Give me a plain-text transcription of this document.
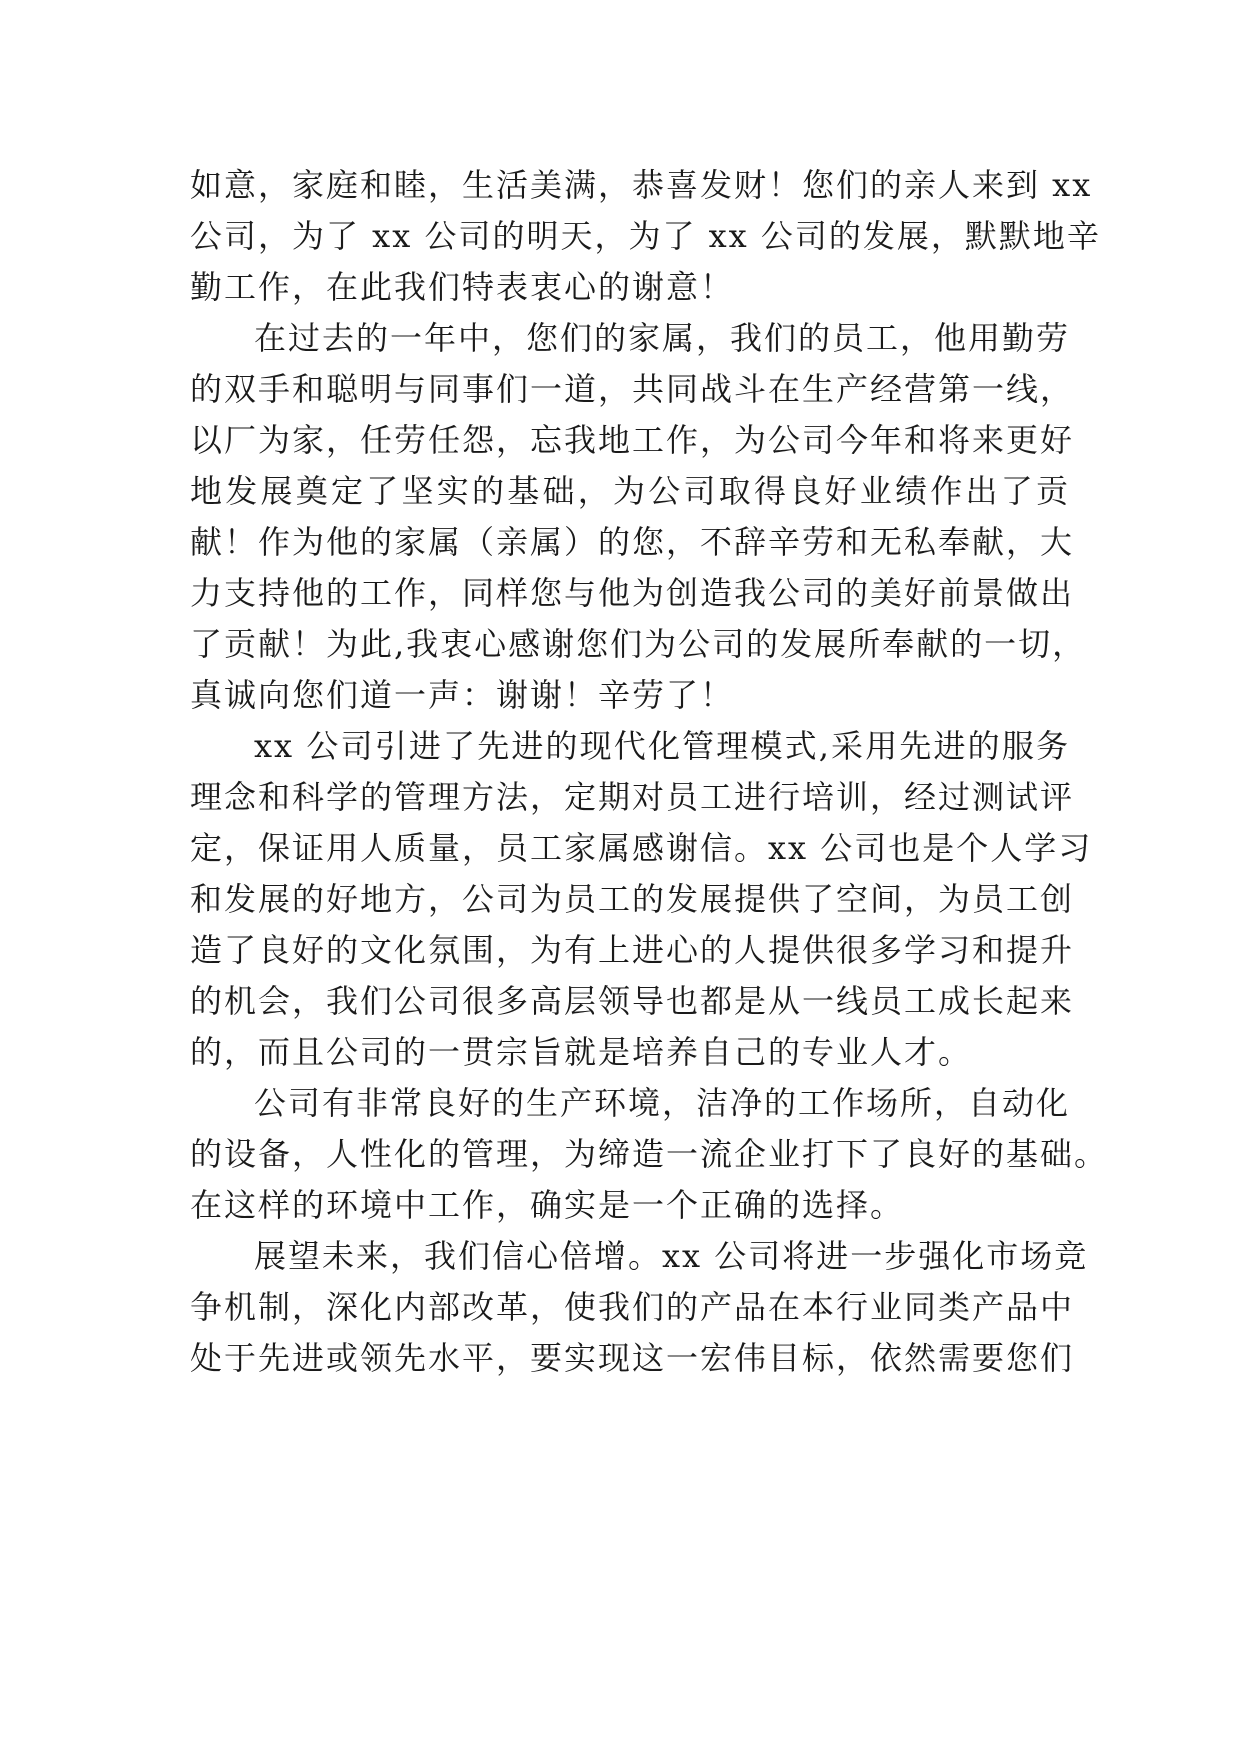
如意，家庭和睦，生活美满，恭喜发财！您们的亲人来到 xx
公司，为了 xx 公司的明天，为了 xx 公司的发展，默默地辛
勤工作，在此我们特表衷心的谢意！
在过去的一年中，您们的家属，我们的员工，他用勤劳
的双手和聪明与同事们一道，共同战斗在生产经营第一线，
以厂为家，任劳任怨，忘我地工作，为公司今年和将来更好
地发展奠定了坚实的基础，为公司取得良好业绩作出了贡
献！作为他的家属（亲属）的您，不辞辛劳和无私奉献，大
力支持他的工作，同样您与他为创造我公司的美好前景做出
了贡献！为此,我衷心感谢您们为公司的发展所奉献的一切，
真诚向您们道一声：谢谢！辛劳了！
xx 公司引进了先进的现代化管理模式,采用先进的服务
理念和科学的管理方法，定期对员工进行培训，经过测试评
定，保证用人质量，员工家属感谢信。xx 公司也是个人学习
和发展的好地方，公司为员工的发展提供了空间，为员工创
造了良好的文化氛围，为有上进心的人提供很多学习和提升
的机会，我们公司很多高层领导也都是从一线员工成长起来
的，而且公司的一贯宗旨就是培养自己的专业人才。
公司有非常良好的生产环境，洁净的工作场所，自动化
的设备，人性化的管理，为缔造一流企业打下了良好的基础。
在这样的环境中工作，确实是一个正确的选择。
展望未来，我们信心倍增。xx 公司将进一步强化市场竞
争机制，深化内部改革，使我们的产品在本行业同类产品中
处于先进或领先水平，要实现这一宏伟目标，依然需要您们
